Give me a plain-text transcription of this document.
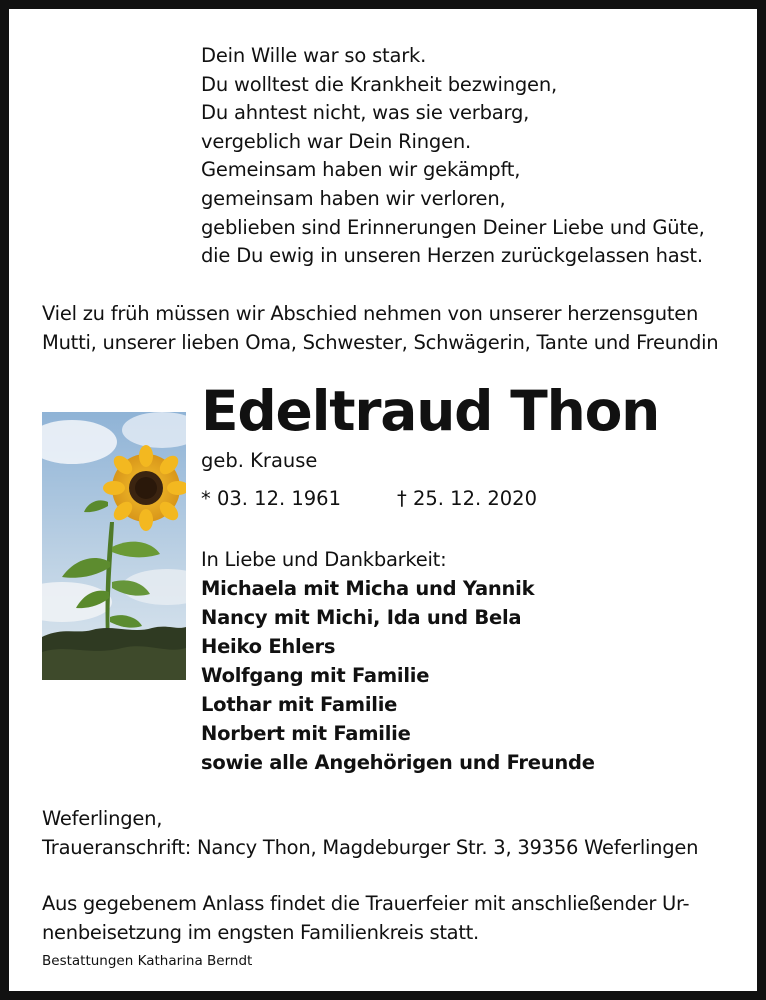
Dein Wille war so stark.
Du wolltest die Krankheit bezwingen,
Du ahntest nicht, was sie verbarg,
vergeblich war Dein Ringen.
Gemeinsam haben wir gekämpft,
gemeinsam haben wir verloren,
geblieben sind Erinnerungen Deiner Liebe und Güte,
die Du ewig in unseren Herzen zurückgelassen hast.
Viel zu früh müssen wir Abschied nehmen von unserer herzensguten
Mutti, unserer lieben Oma, Schwester, Schwägerin, Tante und Freundin
Edeltraud Thon
geb. Krause
* 03. 12. 1961	† 25. 12. 2020
In Liebe und Dankbarkeit:
Michaela mit Micha und Yannik
Nancy mit Michi, Ida und Bela
Heiko Ehlers
Wolfgang mit Familie
Lothar mit Familie
Norbert mit Familie
sowie alle Angehörigen und Freunde
Weferlingen,
Traueranschrift: Nancy Thon, Magdeburger Str. 3, 39356 Weferlingen
Aus gegebenem Anlass findet die Trauerfeier mit anschließender Ur-
nenbeisetzung im engsten Familienkreis statt.
Bestattungen Katharina Berndt
